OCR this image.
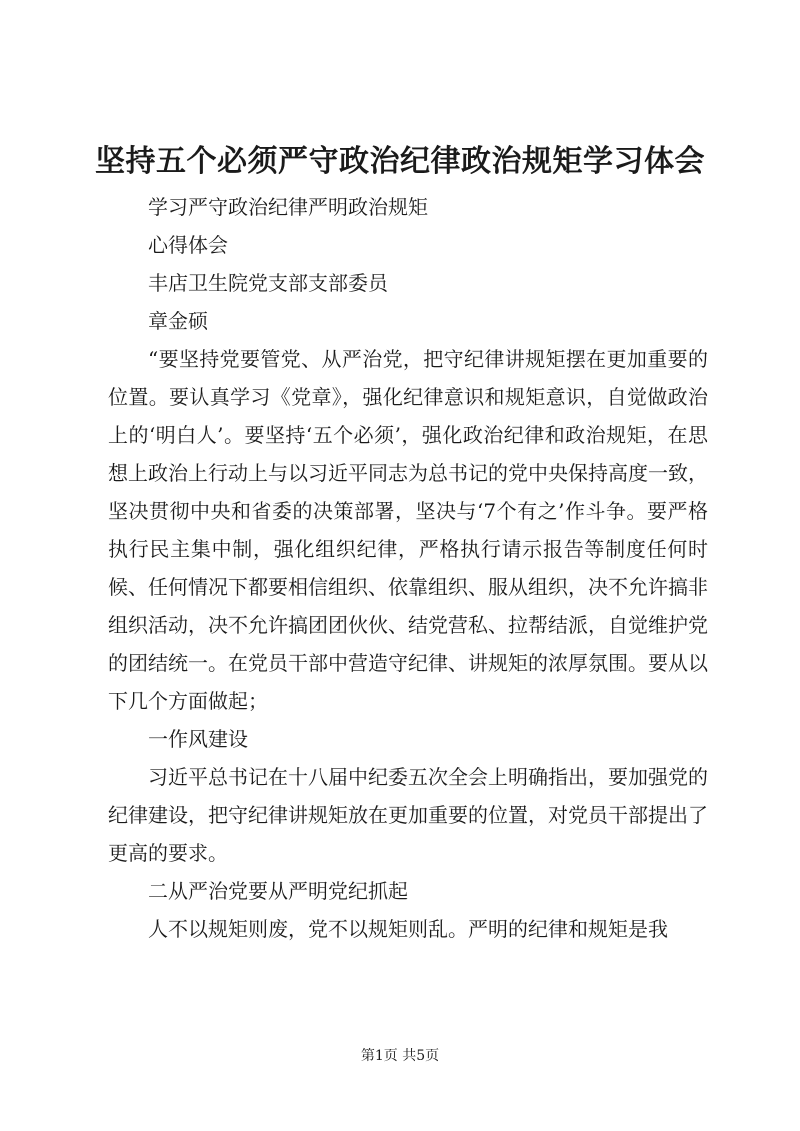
坚持五个必须严守政治纪律政治规矩学习体会

学习严守政治纪律严明政治规矩

心得体会

丰店卫生院党支部支部委员

章金硕

“要坚持党要管党、从严治党，把守纪律讲规矩摆在更加重要的位置。要认真学习《党章》，强化纪律意识和规矩意识，自觉做政治上的‘明白人’。要坚持‘五个必须’，强化政治纪律和政治规矩，在思想上政治上行动上与以习近平同志为总书记的党中央保持高度一致，坚决贯彻中央和省委的决策部署，坚决与‘7个有之’作斗争。要严格执行民主集中制，强化组织纪律，严格执行请示报告等制度任何时候、任何情况下都要相信组织、依靠组织、服从组织，决不允许搞非组织活动，决不允许搞团团伙伙、结党营私、拉帮结派，自觉维护党的团结统一。在党员干部中营造守纪律、讲规矩的浓厚氛围。要从以下几个方面做起；

一作风建设

习近平总书记在十八届中纪委五次全会上明确指出，要加强党的纪律建设，把守纪律讲规矩放在更加重要的位置，对党员干部提出了更高的要求。

二从严治党要从严明党纪抓起

人不以规矩则废，党不以规矩则乱。严明的纪律和规矩是我

第1页 共5页
